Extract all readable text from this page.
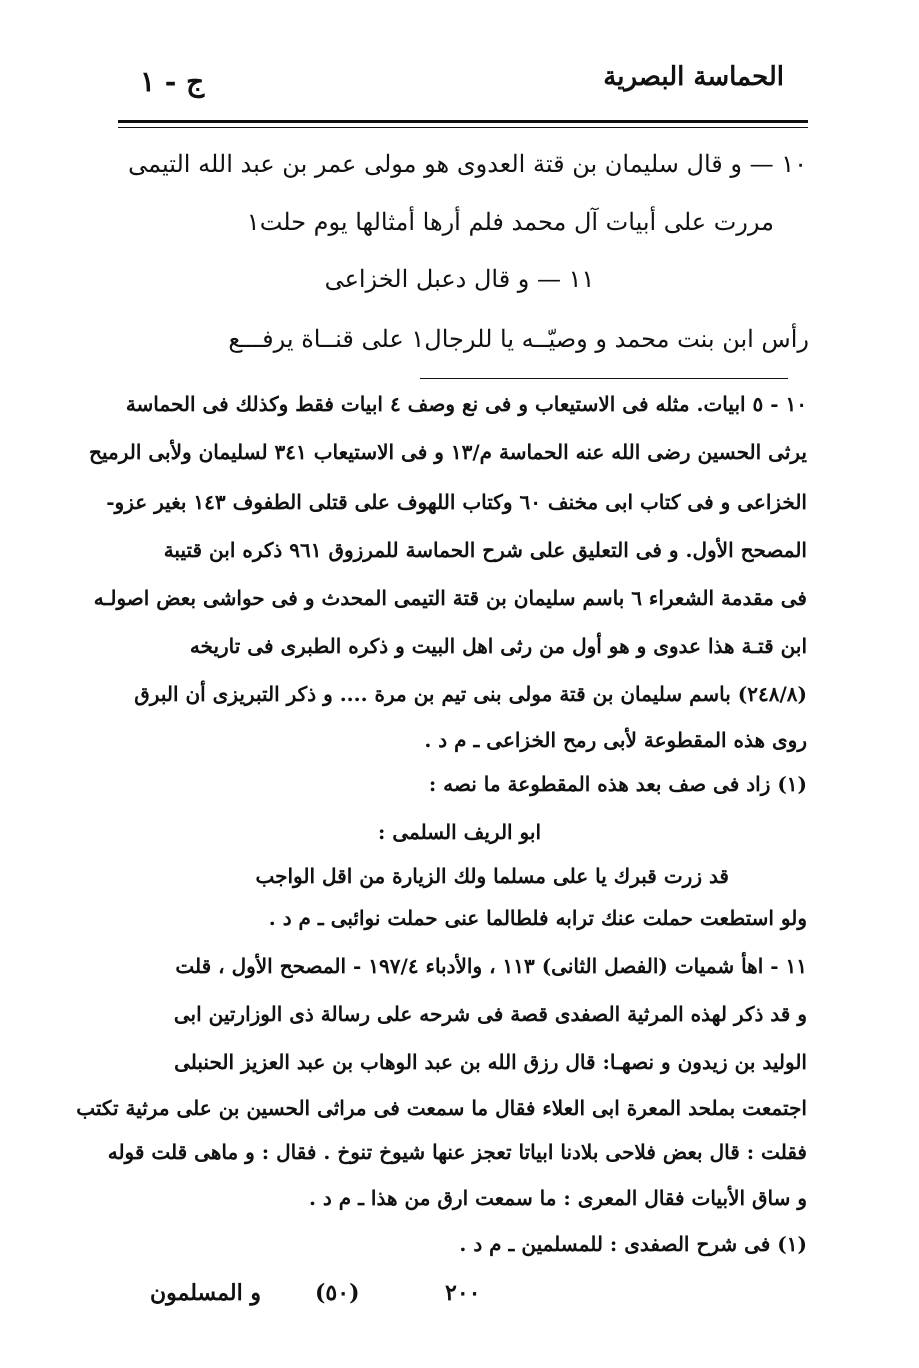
الحماسة البصرية
ج - ١
١٠ — و قال سليمان بن قتة العدوى هو مولى عمر بن عبد الله التيمى
مررت على أبيات آل محمد فلم أرها أمثالها يوم حلت١
١١ — و قال دعبل الخزاعى
رأس ابن بنت محمد و وصيّــه يا للرجال١ على قنــاة يرفـــع
١٠ - ٥ ابيات. مثله فى الاستيعاب و فى نع وصف ٤ ابيات فقط وكذلك فى الحماسة
يرثى الحسين رضى الله عنه الحماسة م/١٣ و فى الاستيعاب ٣٤١ لسليمان ولأبى الرميح
الخزاعى و فى كتاب ابى مخنف ٦٠ وكتاب اللهوف على قتلى الطفوف ١٤٣ بغير عزو-
المصحح الأول. و فى التعليق على شرح الحماسة للمرزوق ٩٦١ ذكره ابن قتيبة
فى مقدمة الشعراء ٦ باسم سليمان بن قتة التيمى المحدث و فى حواشى بعض اصولـه
ابن قتـة هذا عدوى و هو أول من رثى اهل البيت و ذكره الطبرى فى تاريخه
(٢٤٨/٨) باسم سليمان بن قتة مولى بنى تيم بن مرة .... و ذكر التبريزى أن البرق
روى هذه المقطوعة لأبى رمح الخزاعى ـ م د .
(١) زاد فى صف بعد هذه المقطوعة ما نصه :
ابو الريف السلمى :
قد زرت قبرك يا على مسلما ولك الزيارة من اقل الواجب
ولو استطعت حملت عنك ترابه فلطالما عنى حملت نوائبى ـ م د .
١١ - اهأ شميات (الفصل الثانى) ١١٣ ، والأدباء ١٩٧/٤ - المصحح الأول ، قلت
و قد ذكر لهذه المرثية الصفدى قصة فى شرحه على رسالة ذى الوزارتين ابى
الوليد بن زيدون و نصهـا: قال رزق الله بن عبد الوهاب بن عبد العزيز الحنبلى
اجتمعت بملحد المعرة ابى العلاء فقال ما سمعت فى مراثى الحسين بن على مرثية تكتب
فقلت : قال بعض فلاحى بلادنا ابياتا تعجز عنها شيوخ تنوخ . فقال : و ماهى قلت قوله
و ساق الأبيات فقال المعرى : ما سمعت ارق من هذا ـ م د .
(١) فى شرح الصفدى : للمسلمين ـ م د .
و المسلمون (٥٠)	٢٠٠
